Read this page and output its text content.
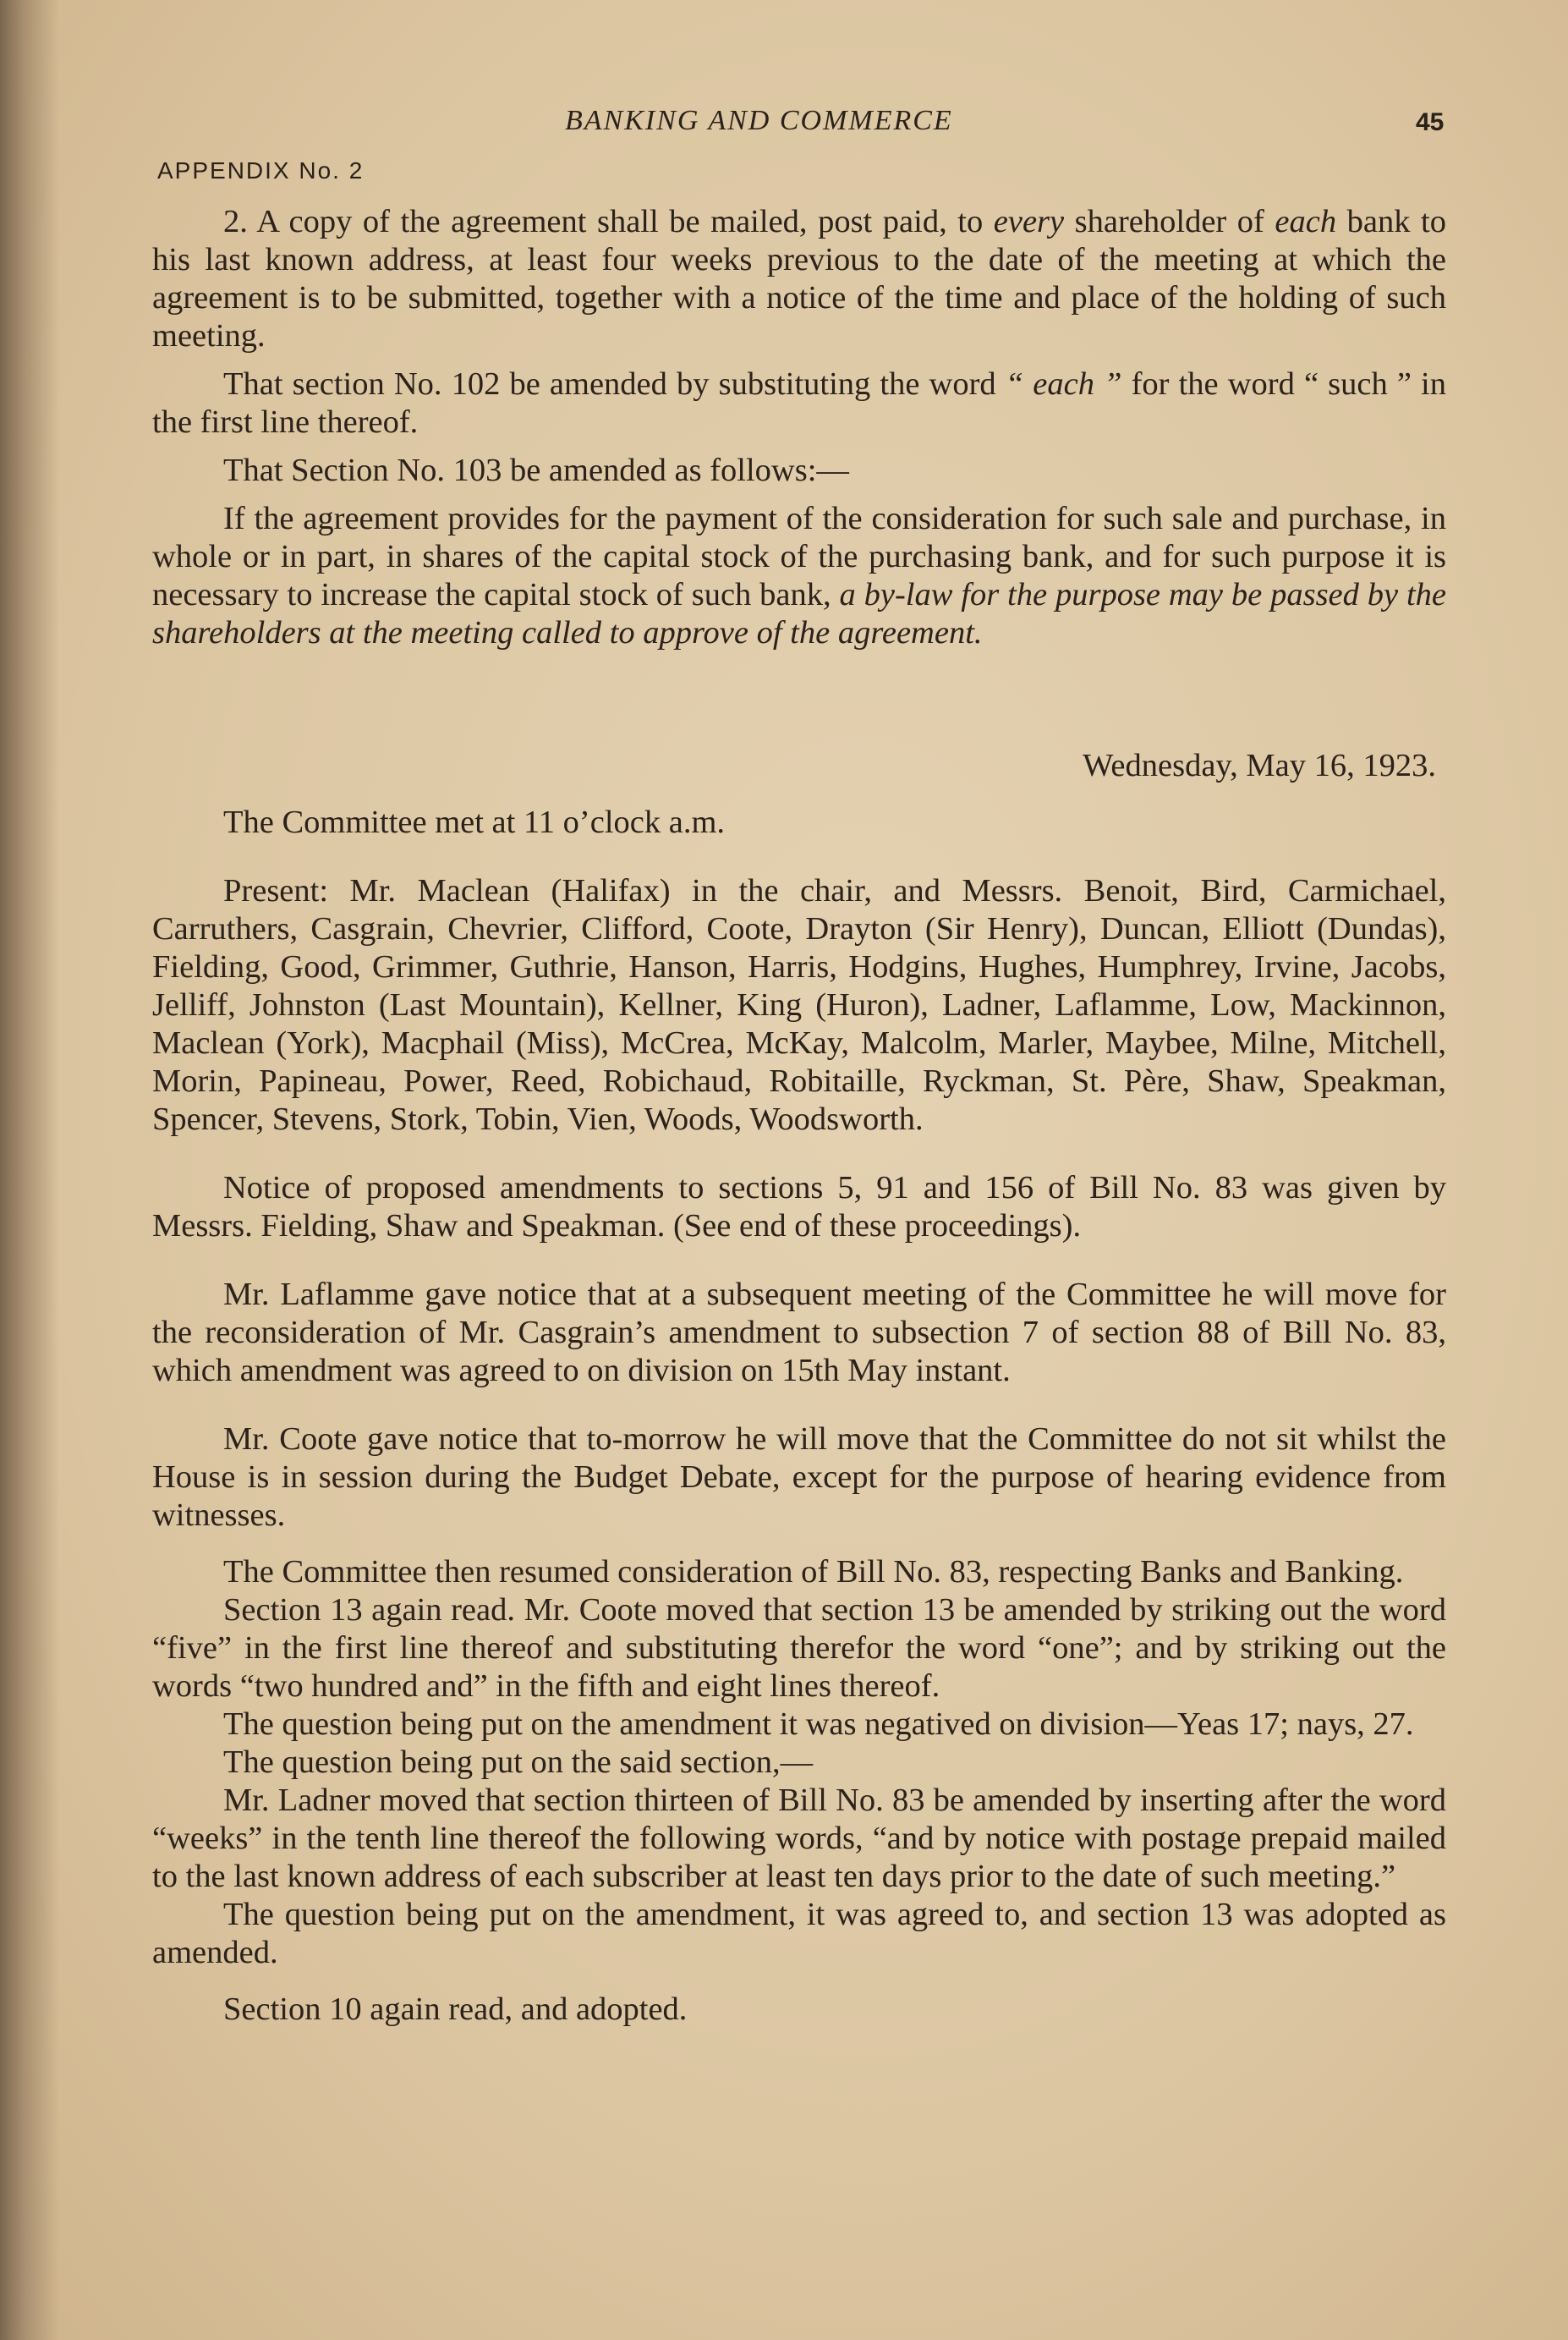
BANKING AND COMMERCE	45
APPENDIX No. 2

2. A copy of the agreement shall be mailed, post paid, to every shareholder of each bank to his last known address, at least four weeks previous to the date of the meeting at which the agreement is to be submitted, together with a notice of the time and place of the holding of such meeting.

That section No. 102 be amended by substituting the word “ each ” for the word “ such ” in the first line thereof.

That Section No. 103 be amended as follows:—

If the agreement provides for the payment of the consideration for such sale and purchase, in whole or in part, in shares of the capital stock of the purchasing bank, and for such purpose it is necessary to increase the capital stock of such bank, a by-law for the purpose may be passed by the shareholders at the meeting called to approve of the agreement.

Wednesday, May 16, 1923.

The Committee met at 11 o’clock a.m.

Present: Mr. Maclean (Halifax) in the chair, and Messrs. Benoit, Bird, Carmichael, Carruthers, Casgrain, Chevrier, Clifford, Coote, Drayton (Sir Henry), Duncan, Elliott (Dundas), Fielding, Good, Grimmer, Guthrie, Hanson, Harris, Hodgins, Hughes, Humphrey, Irvine, Jacobs, Jelliff, Johnston (Last Mountain), Kellner, King (Huron), Ladner, Laflamme, Low, Mackinnon, Maclean (York), Macphail (Miss), McCrea, McKay, Malcolm, Marler, Maybee, Milne, Mitchell, Morin, Papineau, Power, Reed, Robichaud, Robitaille, Ryckman, St. Père, Shaw, Speakman, Spencer, Stevens, Stork, Tobin, Vien, Woods, Woodsworth.

Notice of proposed amendments to sections 5, 91 and 156 of Bill No. 83 was given by Messrs. Fielding, Shaw and Speakman. (See end of these proceedings).

Mr. Laflamme gave notice that at a subsequent meeting of the Committee he will move for the reconsideration of Mr. Casgrain’s amendment to subsection 7 of section 88 of Bill No. 83, which amendment was agreed to on division on 15th May instant.

Mr. Coote gave notice that to-morrow he will move that the Committee do not sit whilst the House is in session during the Budget Debate, except for the purpose of hearing evidence from witnesses.

The Committee then resumed consideration of Bill No. 83, respecting Banks and Banking.

Section 13 again read. Mr. Coote moved that section 13 be amended by striking out the word “five” in the first line thereof and substituting therefor the word “one”; and by striking out the words “two hundred and” in the fifth and eight lines thereof.

The question being put on the amendment it was negatived on division—Yeas 17; nays, 27.

The question being put on the said section,—

Mr. Ladner moved that section thirteen of Bill No. 83 be amended by inserting after the word “weeks” in the tenth line thereof the following words, “and by notice with postage prepaid mailed to the last known address of each subscriber at least ten days prior to the date of such meeting.”

The question being put on the amendment, it was agreed to, and section 13 was adopted as amended.

Section 10 again read, and adopted.
